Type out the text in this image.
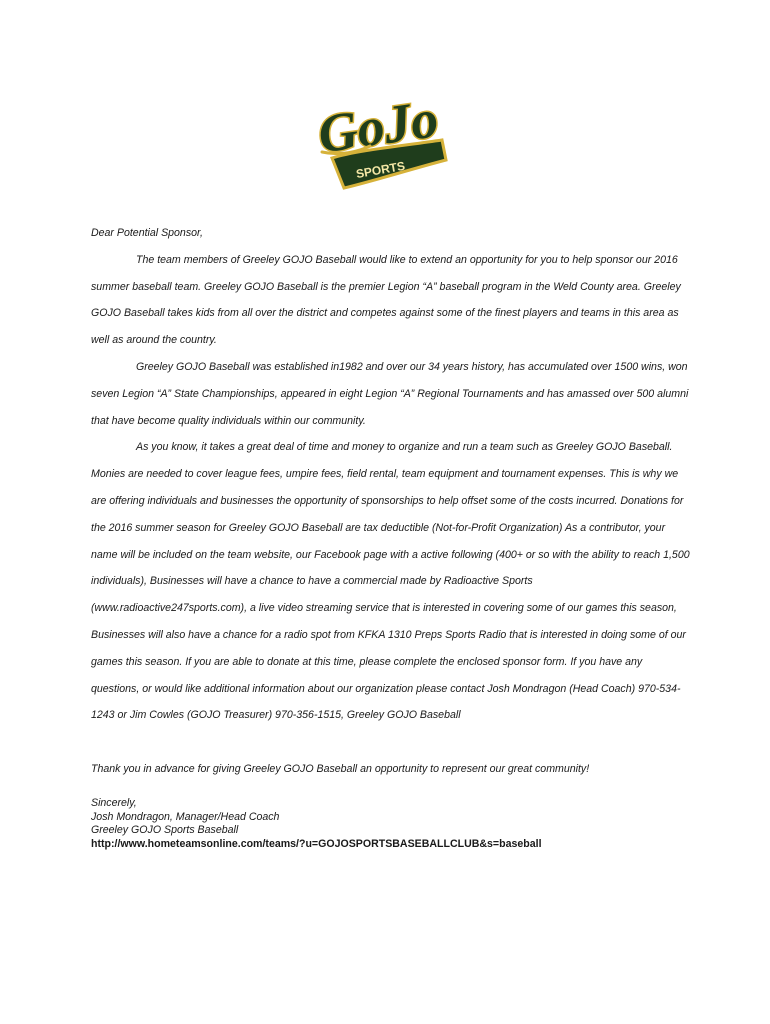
SPORTS
GoJo

Dear Potential Sponsor,

The team members of Greeley GOJO Baseball would like to extend an opportunity for you to help sponsor our 2016 summer baseball team. Greeley GOJO Baseball is the premier Legion “A” baseball program in the Weld County area. Greeley GOJO Baseball takes kids from all over the district and competes against some of the finest players and teams in this area as well as around the country.

Greeley GOJO Baseball was established in1982 and over our 34 years history, has accumulated over 1500 wins, won seven Legion “A” State Championships, appeared in eight Legion “A” Regional Tournaments and has amassed over 500 alumni that have become quality individuals within our community.

As you know, it takes a great deal of time and money to organize and run a team such as Greeley GOJO Baseball. Monies are needed to cover league fees, umpire fees, field rental, team equipment and tournament expenses. This is why we are offering individuals and businesses the opportunity of sponsorships to help offset some of the costs incurred. Donations for the 2016 summer season for Greeley GOJO Baseball are tax deductible (Not-for-Profit Organization) As a contributor, your name will be included on the team website, our Facebook page with a active following (400+ or so with the ability to reach 1,500 individuals), Businesses will have a chance to have a commercial made by Radioactive Sports (www.radioactive247sports.com), a live video streaming service that is interested in covering some of our games this season, Businesses will also have a chance for a radio spot from KFKA 1310 Preps Sports Radio that is interested in doing some of our games this season. If you are able to donate at this time, please complete the enclosed sponsor form. If you have any questions, or would like additional information about our organization please contact Josh Mondragon (Head Coach) 970-534-1243 or Jim Cowles (GOJO Treasurer) 970-356-1515, Greeley GOJO Baseball

Thank you in advance for giving Greeley GOJO Baseball an opportunity to represent our great community!

Sincerely,
Josh Mondragon, Manager/Head Coach
Greeley GOJO Sports Baseball
http://www.hometeamsonline.com/teams/?u=GOJOSPORTSBASEBALLCLUB&s=baseball
